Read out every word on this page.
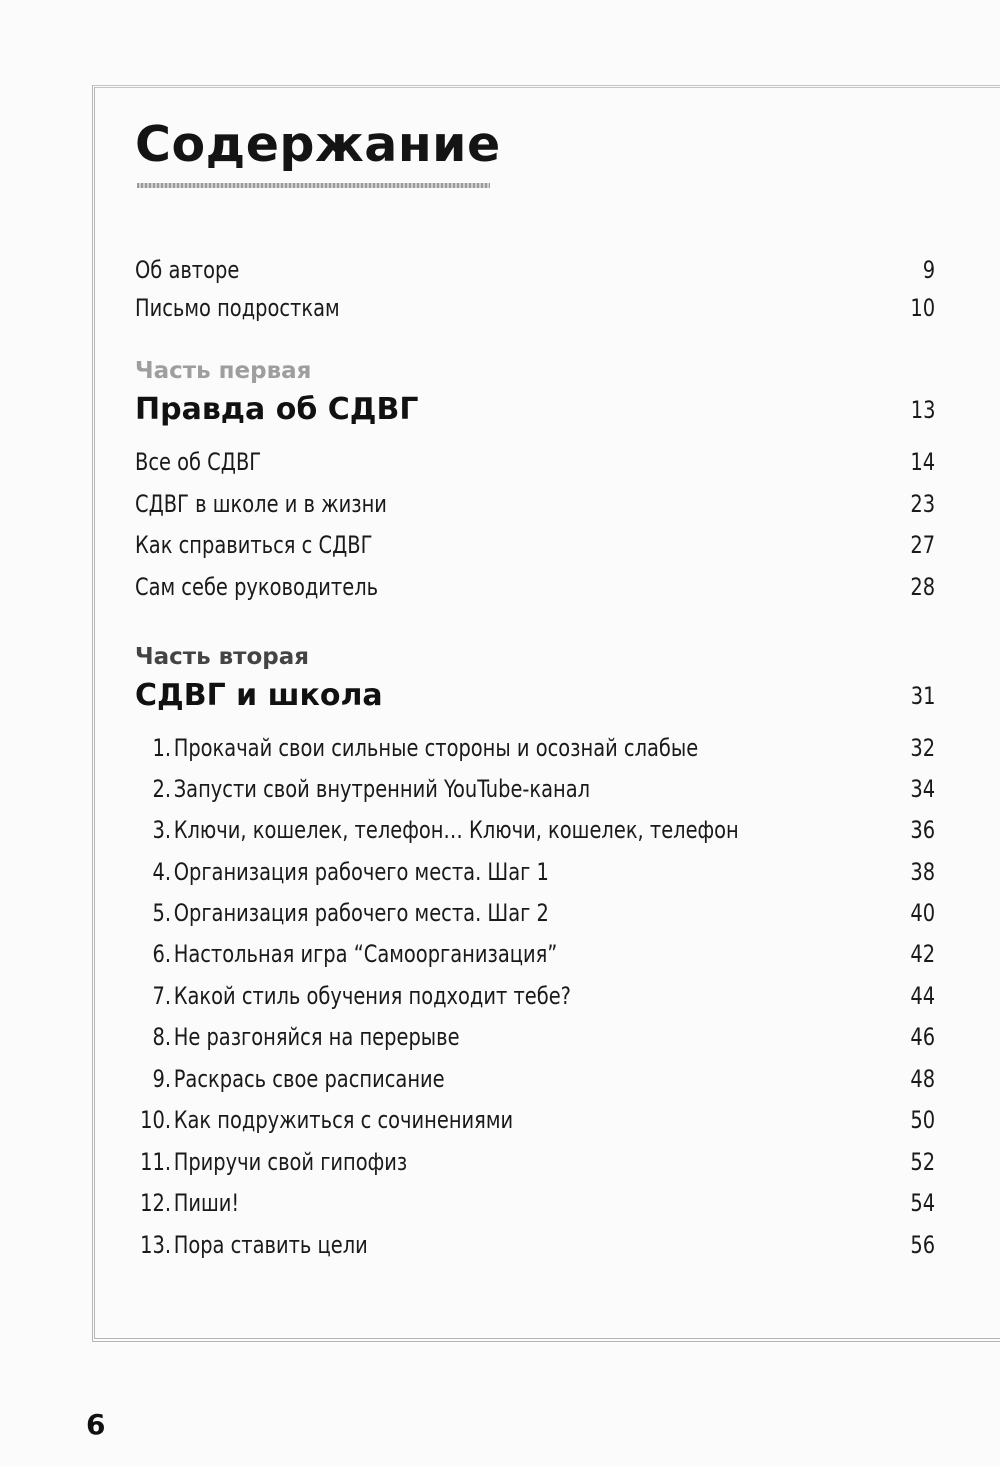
Содержание
Об авторе	9
Письмо подросткам	10
Часть первая
Правда об СДВГ	13
Все об СДВГ	14
СДВГ в школе и в жизни	23
Как справиться с СДВГ	27
Сам себе руководитель	28
Часть вторая
СДВГ и школа	31
1. Прокачай свои сильные стороны и осознай слабые	32
2. Запусти свой внутренний YouTube-канал	34
3. Ключи, кошелек, телефон… Ключи, кошелек, телефон	36
4. Организация рабочего места. Шаг 1	38
5. Организация рабочего места. Шаг 2	40
6. Настольная игра “Самоорганизация”	42
7. Какой стиль обучения подходит тебе?	44
8. Не разгоняйся на перерыве	46
9. Раскрась свое расписание	48
10. Как подружиться с сочинениями	50
11. Приручи свой гипофиз	52
12. Пиши!	54
13. Пора ставить цели	56
6
